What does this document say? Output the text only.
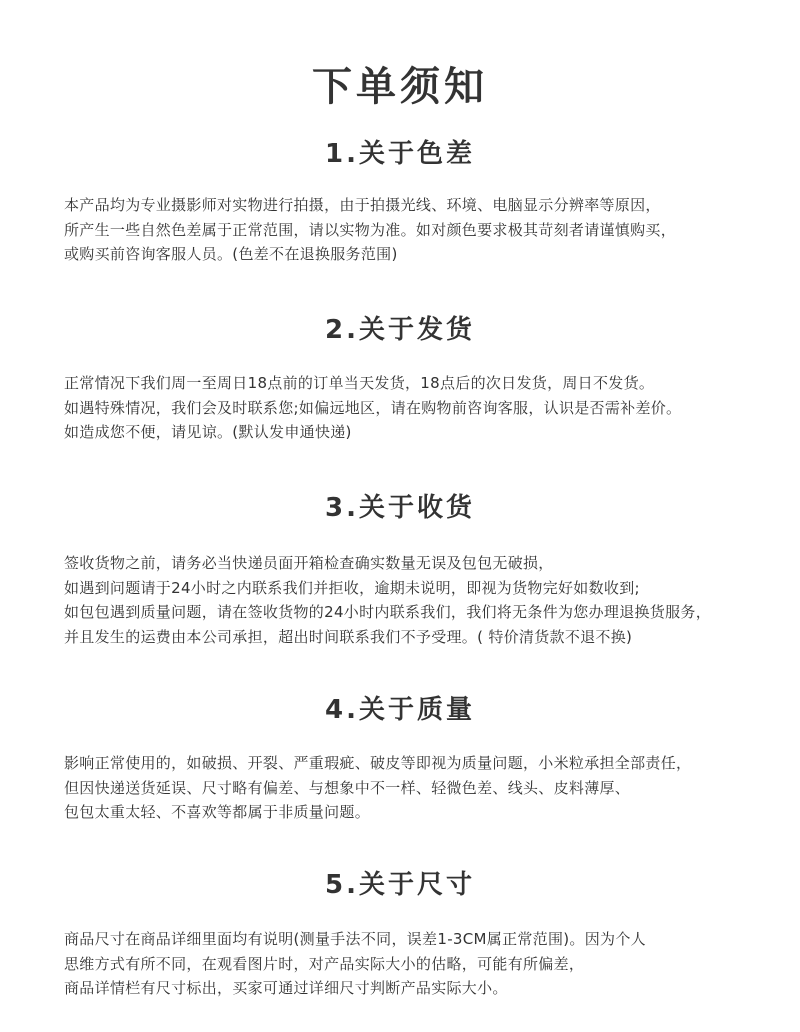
下单须知
1.关于色差
本产品均为专业摄影师对实物进行拍摄，由于拍摄光线、环境、电脑显示分辨率等原因，
所产生一些自然色差属于正常范围，请以实物为准。如对颜色要求极其苛刻者请谨慎购买，
或购买前咨询客服人员。(色差不在退换服务范围)
2.关于发货
正常情况下我们周一至周日18点前的订单当天发货，18点后的次日发货，周日不发货。
如遇特殊情况，我们会及时联系您;如偏远地区，请在购物前咨询客服，认识是否需补差价。
如造成您不便，请见谅。(默认发申通快递)
3.关于收货
签收货物之前，请务必当快递员面开箱检查确实数量无误及包包无破损，
如遇到问题请于24小时之内联系我们并拒收，逾期未说明，即视为货物完好如数收到;
如包包遇到质量问题，请在签收货物的24小时内联系我们，我们将无条件为您办理退换货服务，
并且发生的运费由本公司承担，超出时间联系我们不予受理。( 特价清货款不退不换)
4.关于质量
影响正常使用的，如破损、开裂、严重瑕疵、破皮等即视为质量问题，小米粒承担全部责任，
但因快递送货延误、尺寸略有偏差、与想象中不一样、轻微色差、线头、皮料薄厚、
包包太重太轻、不喜欢等都属于非质量问题。
5.关于尺寸
商品尺寸在商品详细里面均有说明(测量手法不同，误差1-3CM属正常范围)。因为个人
思维方式有所不同，在观看图片时，对产品实际大小的估略，可能有所偏差，
商品详情栏有尺寸标出，买家可通过详细尺寸判断产品实际大小。
